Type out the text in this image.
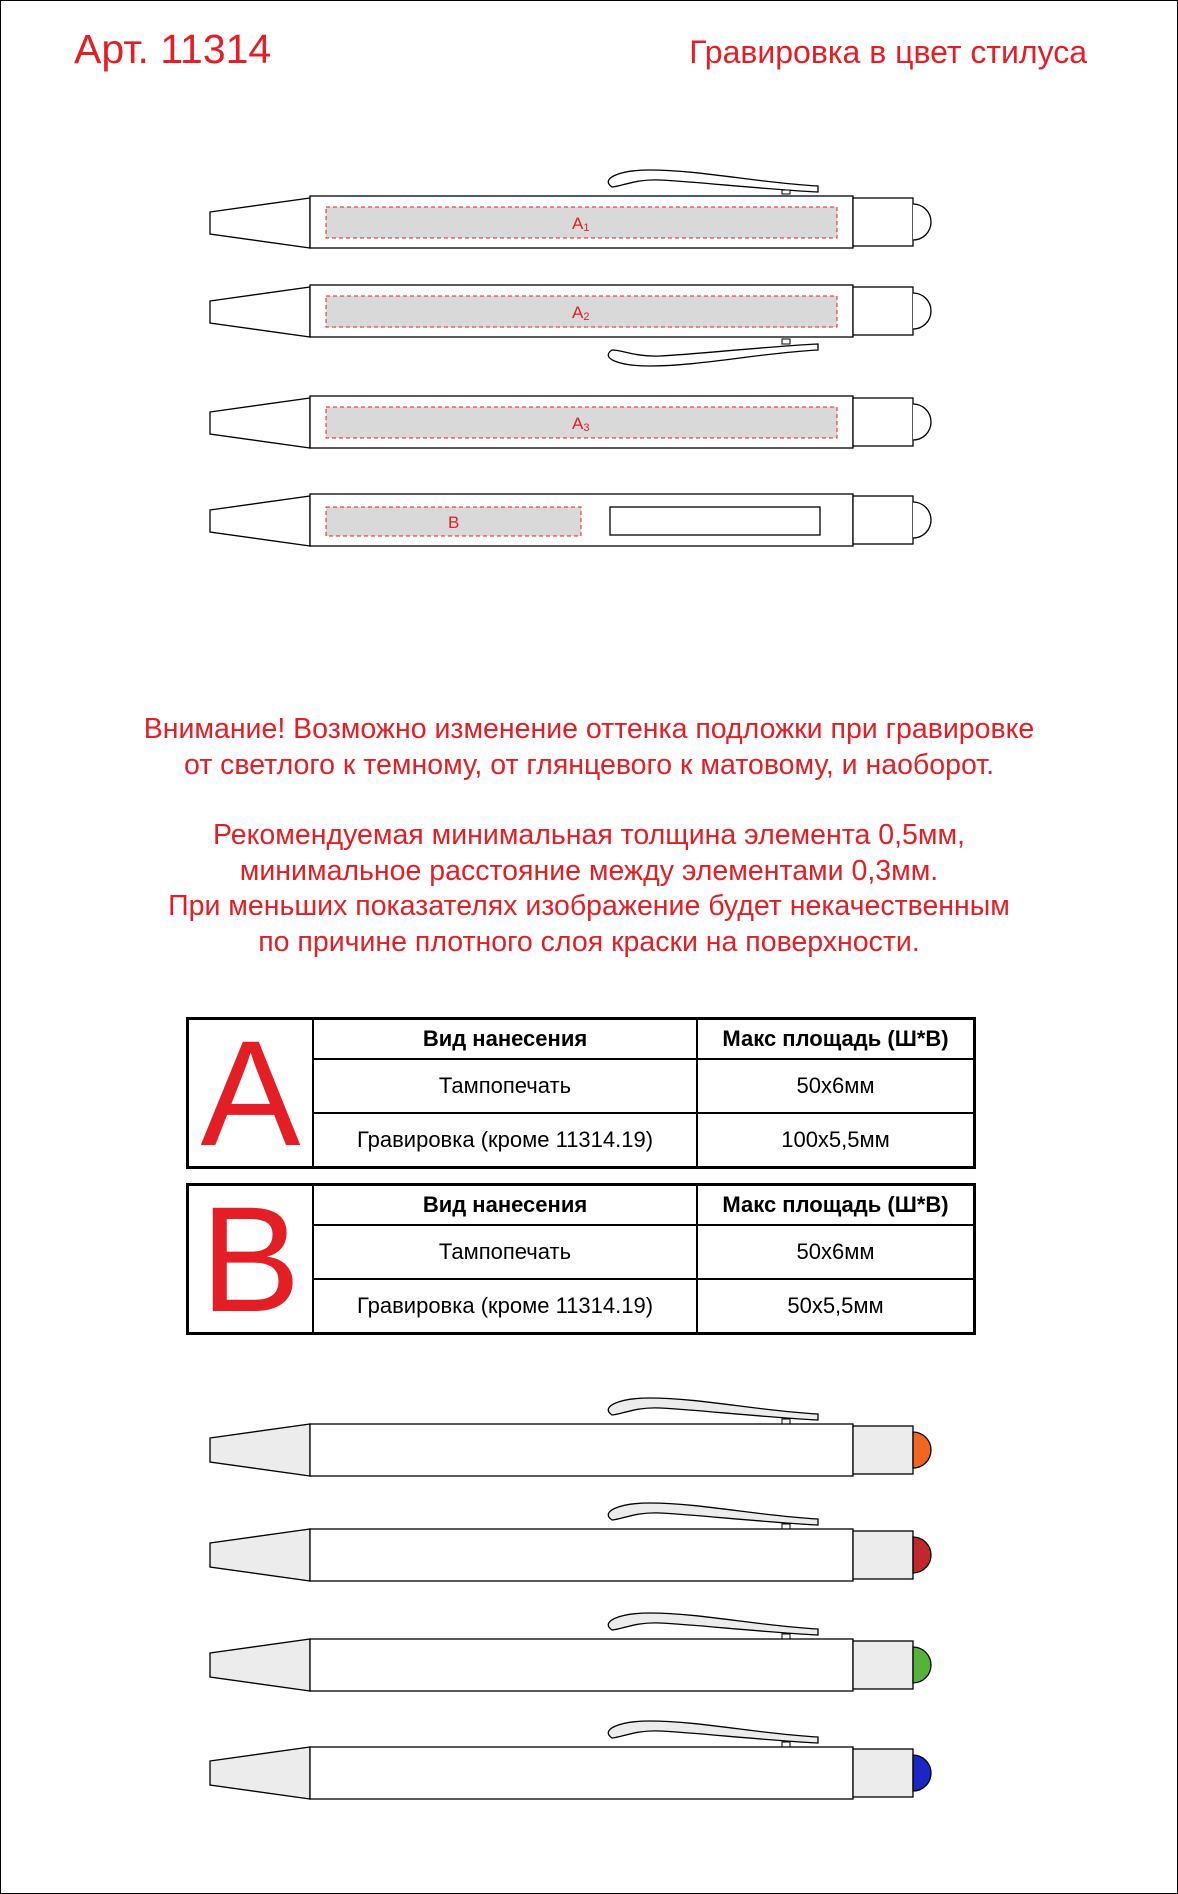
Арт. 11314	Гравировка в цвет стилуса
A1
A2
A3
B

Внимание! Возможно изменение оттенка подложки при гравировке

от светлого к темному, от глянцевого к матовому, и наоборот.

Рекомендуемая минимальная толщина элемента 0,5мм,

минимальное расстояние между элементами 0,3мм.

При меньших показателях изображение будет некачественным

по причине плотного слоя краски на поверхности.

A	Вид нанесения	Макс площадь (Ш*В)
	Тампопечать	50x6мм
	Гравировка (кроме 11314.19)	100x5,5мм
B	Вид нанесения	Макс площадь (Ш*В)
	Тампопечать	50x6мм
	Гравировка (кроме 11314.19)	50x5,5мм
